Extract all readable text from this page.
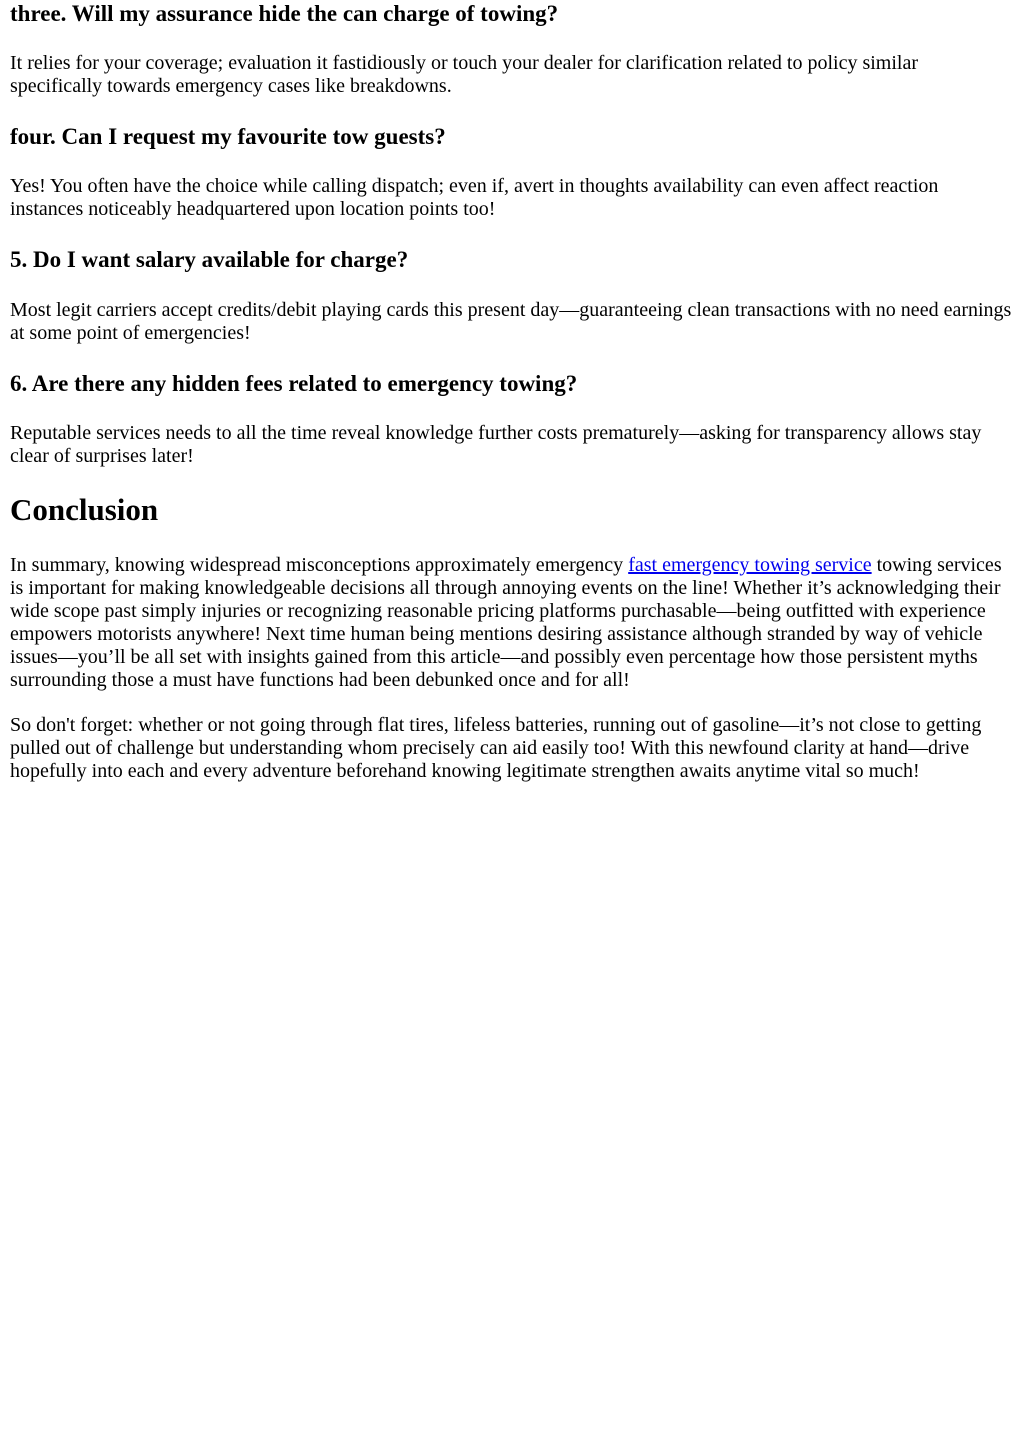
three. Will my assurance hide the can charge of towing?

It relies for your coverage; evaluation it fastidiously or touch your dealer for clarification related to policy similar specifically towards emergency cases like breakdowns.

four. Can I request my favourite tow guests?

Yes! You often have the choice while calling dispatch; even if, avert in thoughts availability can even affect reaction instances noticeably headquartered upon location points too!

5. Do I want salary available for charge?

Most legit carriers accept credits/debit playing cards this present day—guaranteeing clean transactions with no need earnings at some point of emergencies!

6. Are there any hidden fees related to emergency towing?

Reputable services needs to all the time reveal knowledge further costs prematurely—asking for transparency allows stay clear of surprises later!

Conclusion

In summary, knowing widespread misconceptions approximately emergency fast emergency towing service towing services is important for making knowledgeable decisions all through annoying events on the line! Whether it’s acknowledging their wide scope past simply injuries or recognizing reasonable pricing platforms purchasable—being outfitted with experience empowers motorists anywhere! Next time human being mentions desiring assistance although stranded by way of vehicle issues—you’ll be all set with insights gained from this article—and possibly even percentage how those persistent myths surrounding those a must have functions had been debunked once and for all!

So don't forget: whether or not going through flat tires, lifeless batteries, running out of gasoline—it’s not close to getting pulled out of challenge but understanding whom precisely can aid easily too! With this newfound clarity at hand—drive hopefully into each and every adventure beforehand knowing legitimate strengthen awaits anytime vital so much!
